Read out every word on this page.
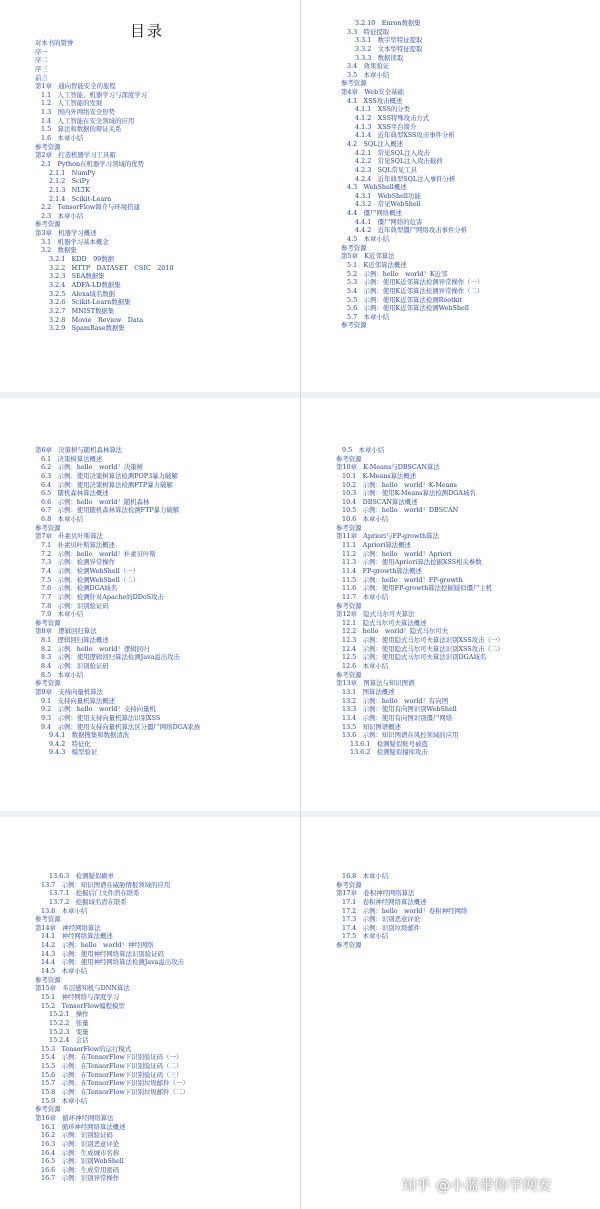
目录
对本书的赞誉
序一
序二
序三
前言
第1章　通向智能安全的旅程
1.1　人工智能、机器学习与深度学习
1.2　人工智能的发展
1.3　国内外网络安全形势
1.4　人工智能在安全领域的应用
1.5　算法和数据的辩证关系
1.6　本章小结
参考资源
第2章　打造机器学习工具箱
2.1　Python在机器学习领域的优势
2.1.1　NumPy
2.1.2　SciPy
2.1.3　NLTK
2.1.4　Scikit-Learn
2.2　TensorFlow简介与环境搭建
2.3　本章小结
参考资源
第3章　机器学习概述
3.1　机器学习基本概念
3.2　数据集
3.2.1　KDD　99数据
3.2.2　HTTP　DATASET　CSIC　2010
3.2.3　SEA数据集
3.2.4　ADFA-LD数据集
3.2.5　Alexa域名数据
3.2.6　Scikit-Learn数据集
3.2.7　MNIST数据集
3.2.8　Movie　Review　Data
3.2.9　SpamBase数据集
3.2.10　Enron数据集
3.3　特征提取
3.3.1　数字型特征提取
3.3.2　文本型特征提取
3.3.3　数据读取
3.4　效果验证
3.5　本章小结
参考资源
第4章　Web安全基础
4.1　XSS攻击概述
4.1.1　XSS的分类
4.1.2　XSS特殊攻击方式
4.1.3　XSS平台简介
4.1.4　近年典型XSS攻击事件分析
4.2　SQL注入概述
4.2.1　常见SQL注入攻击
4.2.2　常见SQL注入攻击载荷
4.2.3　SQL常见工具
4.2.4　近年典型SQL注入事件分析
4.3　WebShell概述
4.3.1　WebShell功能
4.3.2　常见WebShell
4.4　僵尸网络概述
4.4.1　僵尸网络的危害
4.4.2　近年典型僵尸网络攻击事件分析
4.5　本章小结
参考资源
第5章　K近邻算法
5.1　K近邻算法概述
5.2　示例：hello　world！K近邻
5.3　示例：使用K近邻算法检测异常操作（一）
5.4　示例：使用K近邻算法检测异常操作（二）
5.5　示例：使用K近邻算法检测Rootkit
5.6　示例：使用K近邻算法检测WebShell
5.7　本章小结
参考资源
第6章　决策树与随机森林算法
6.1　决策树算法概述
6.2　示例：hello　world！决策树
6.3　示例：使用决策树算法检测POP3暴力破解
6.4　示例：使用决策树算法检测FTP暴力破解
6.5　随机森林算法概述
6.6　示例：hello　world！随机森林
6.7　示例：使用随机森林算法检测FTP暴力破解
6.8　本章小结
参考资源
第7章　朴素贝叶斯算法
7.1　朴素贝叶斯算法概述
7.2　示例：hello　world！朴素贝叶斯
7.3　示例：检测异常操作
7.4　示例：检测WebShell（一）
7.5　示例：检测WebShell（二）
7.6　示例：检测DGA域名
7.7　示例：检测针对Apache的DDoS攻击
7.8　示例：识别验证码
7.9　本章小结
参考资源
第8章　逻辑回归算法
8.1　逻辑回归算法概述
8.2　示例：hello　world！逻辑回归
8.3　示例：使用逻辑回归算法检测Java溢出攻击
8.4　示例：识别验证码
8.5　本章小结
参考资源
第9章　支持向量机算法
9.1　支持向量机算法概述
9.2　示例：hello　world！支持向量机
9.3　示例：使用支持向量机算法识别XSS
9.4　示例：使用支持向量机算法区分僵尸网络DGA家族
9.4.1　数据搜集和数据清洗
9.4.2　特征化
9.4.3　模型验证
9.5　本章小结
参考资源
第10章　K-Means与DBSCAN算法
10.1　K-Means算法概述
10.2　示例：hello　world！K-Means
10.3　示例：使用K-Means算法检测DGA域名
10.4　DBSCAN算法概述
10.5　示例：hello　world！DBSCAN
10.6　本章小结
参考资源
第11章　Apriori与FP-growth算法
11.1　Apriori算法概述
11.2　示例：hello　world！Apriori
11.3　示例：使用Apriori算法挖掘XSS相关参数
11.4　FP-growth算法概述
11.5　示例：hello　world！FP-growth
11.6　示例：使用FP-growth算法挖掘疑似僵尸主机
11.7　本章小结
参考资源
第12章　隐式马尔可夫算法
12.1　隐式马尔可夫算法概述
12.2　hello　world！隐式马尔可夫
12.3　示例：使用隐式马尔可夫算法识别XSS攻击（一）
12.4　示例：使用隐式马尔可夫算法识别XSS攻击（二）
12.5　示例：使用隐式马尔可夫算法识别DGA域名
12.6　本章小结
参考资源
第13章　图算法与知识图谱
13.1　图算法概述
13.2　示例：hello　world！有向图
13.3　示例：使用有向图识别WebShell
13.4　示例：使用有向图识别僵尸网络
13.5　知识图谱概述
13.6　示例：知识图谱在风控领域的应用
13.6.1　检测疑似账号被盗
13.6.2　检测疑似撞库攻击
13.6.3　检测疑似刷单
13.7　示例：知识图谱在威胁情报领域的应用
13.7.1　挖掘后门文件潜在联系
13.7.2　挖掘域名潜在联系
13.8　本章小结
参考资源
第14章　神经网络算法
14.1　神经网络算法概述
14.2　示例：hello　world！神经网络
14.3　示例：使用神经网络算法识别验证码
14.4　示例：使用神经网络算法检测Java溢出攻击
14.5　本章小结
参考资源
第15章　多层感知机与DNN算法
15.1　神经网络与深度学习
15.2　TensorFlow编程模型
15.2.1　操作
15.2.2　张量
15.2.3　变量
15.2.4　会话
15.3　TensorFlow的运行模式
15.4　示例：在TensorFlow下识别验证码（一）
15.5　示例：在TensorFlow下识别验证码（二）
15.6　示例：在TensorFlow下识别验证码（三）
15.7　示例：在TensorFlow下识别垃圾邮件（一）
15.8　示例：在TensorFlow下识别垃圾邮件（二）
15.9　本章小结
参考资源
第16章　循环神经网络算法
16.1　循环神经网络算法概述
16.2　示例：识别验证码
16.3　示例：识别恶意评论
16.4　示例：生成城市名称
16.5　示例：识别WebShell
16.6　示例：生成常用密码
16.7　示例：识别异常操作
16.8　本章小结
参考资源
第17章　卷积神经网络算法
17.1　卷积神经网络算法概述
17.2　示例：hello　world！卷积神经网络
17.3　示例：识别恶意评论
17.4　示例：识别垃圾邮件
17.5　本章小结
参考资源
知乎 @小蓝带你学网安
